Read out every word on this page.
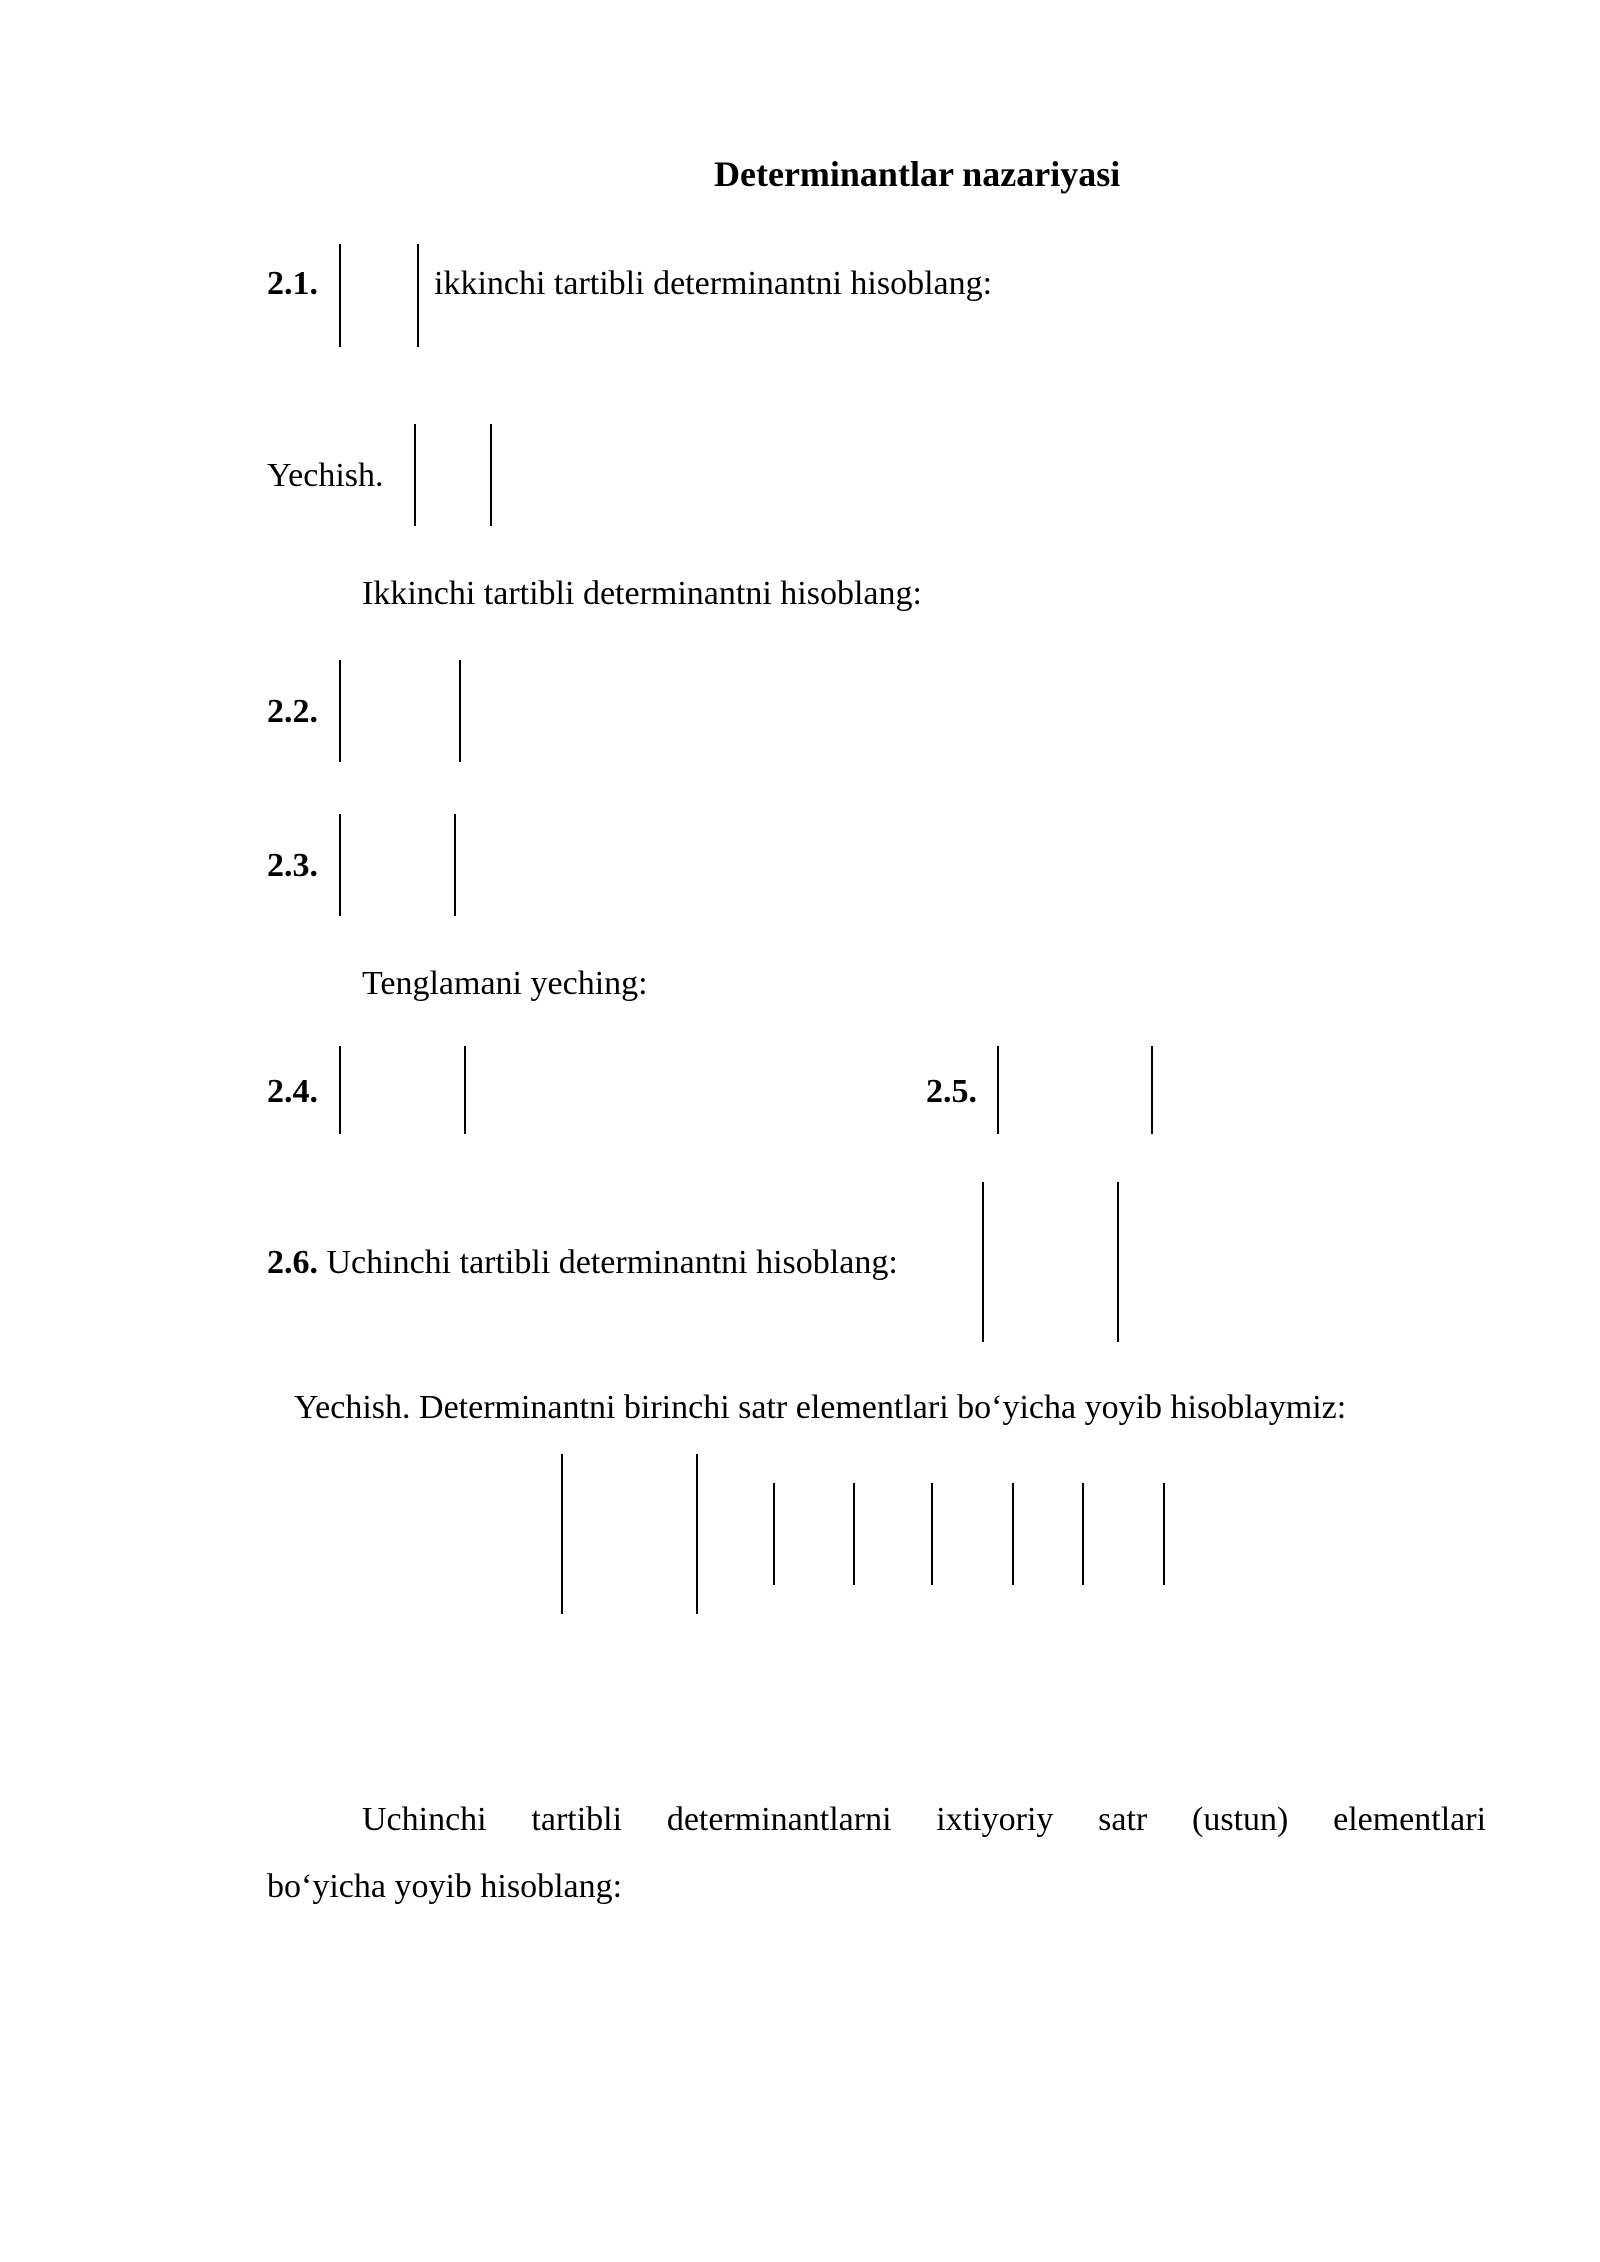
Determinantlar nazariyasi
2.1.	ikkinchi tartibli determinantni hisoblang:
Yechish.
Ikkinchi tartibli determinantni hisoblang:
2.2.
2.3.
Tenglamani yeching:
2.4.	2.5.
2.6. Uchinchi tartibli determinantni hisoblang:
Yechish. Determinantni birinchi satr elementlari bo‘yicha yoyib hisoblaymiz:
Uchinchi tartibli determinantlarni ixtiyoriy satr (ustun) elementlari
bo‘yicha yoyib hisoblang:
